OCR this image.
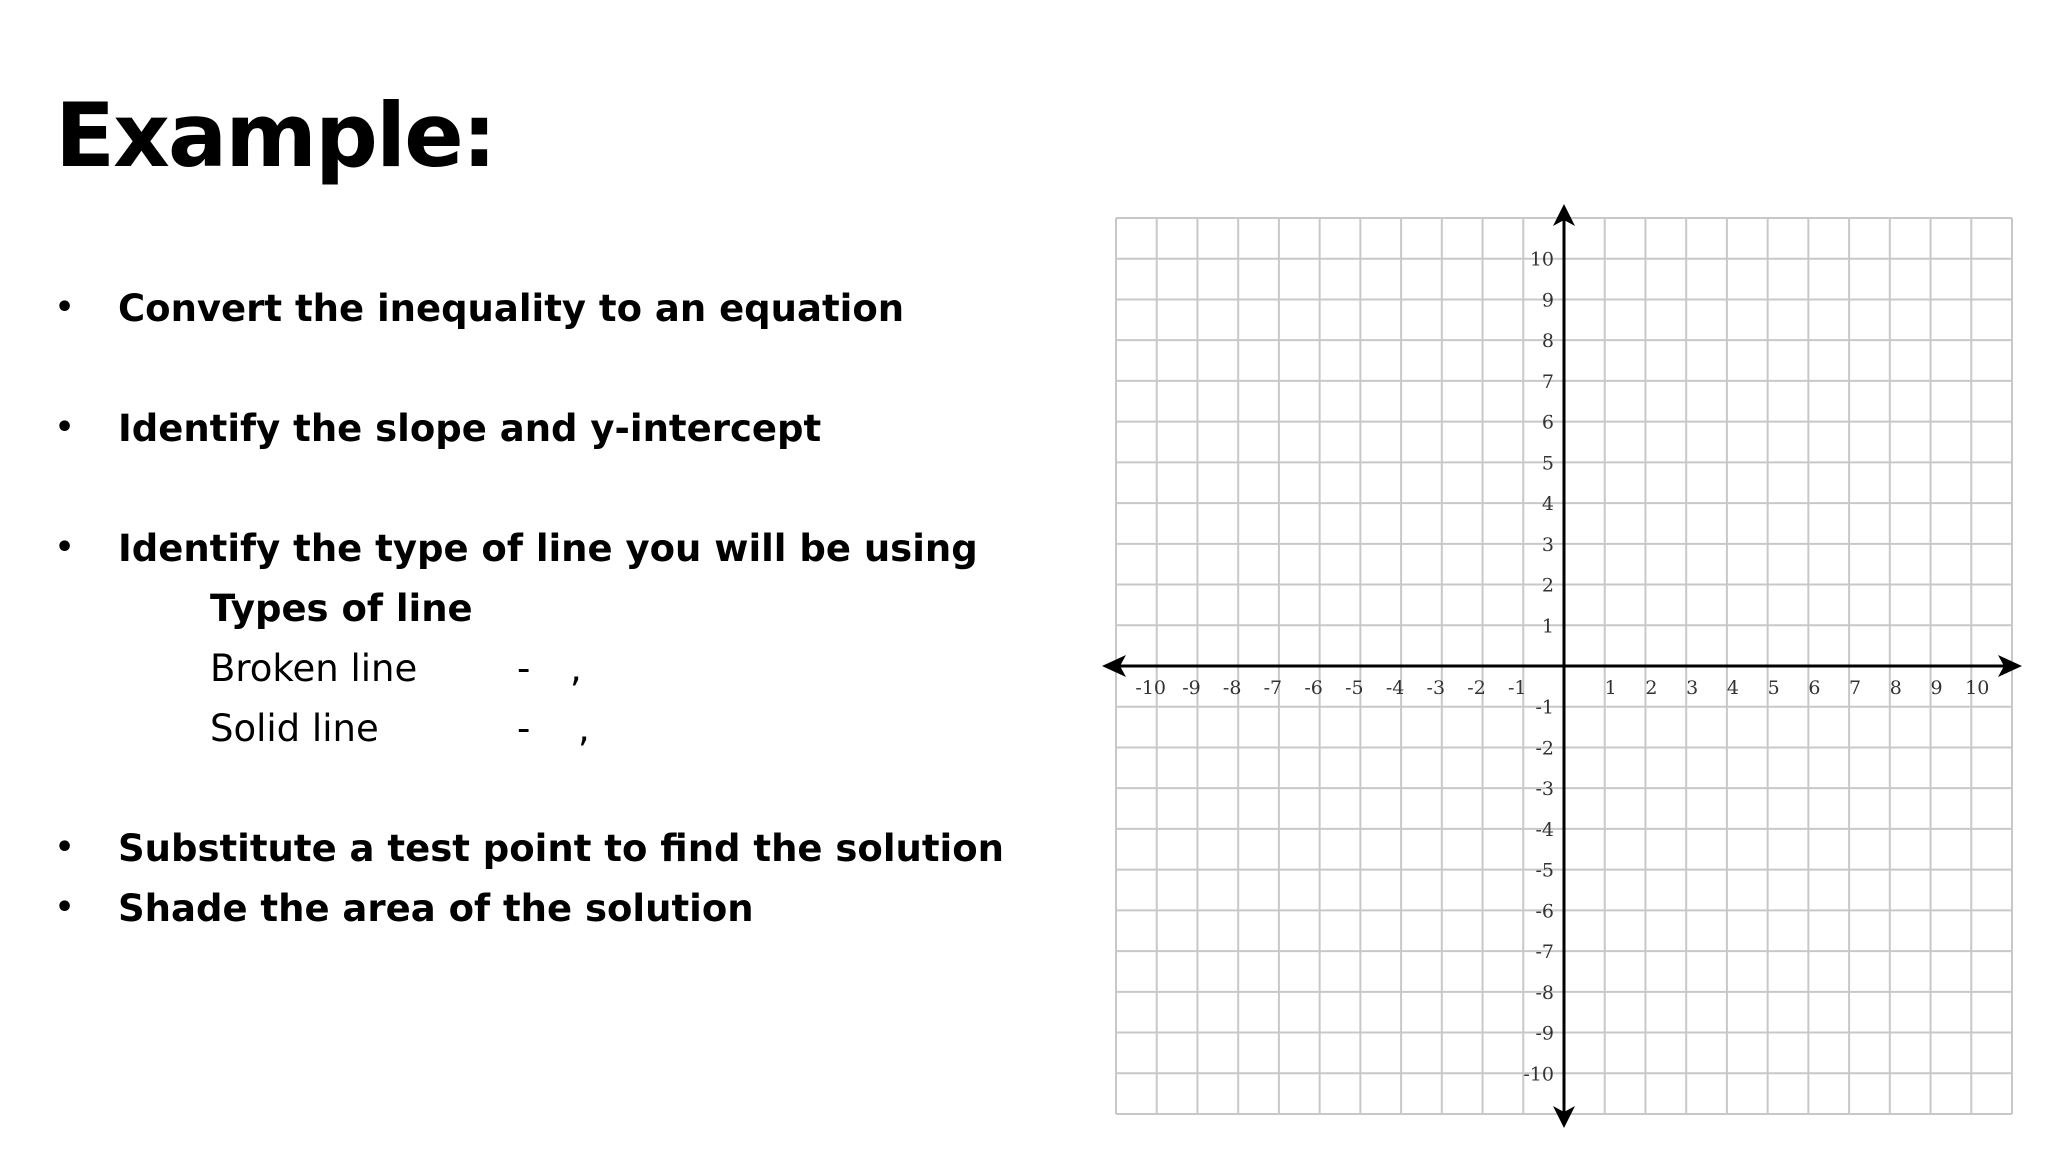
Example:
• Convert the inequality to an equation
• Identify the slope and y-intercept
• Identify the type of line you will be using
Types of line
Broken line	- ,
Solid line	- ,
• Substitute a test point to find the solution
• Shade the area of the solution
-10 -9 -8 -7 -6 -5 -4 -3 -2 -1	1 2 3 4 5 6 7 8 9 10
10
9
8
7
6
5
4
3
2
1
-1
-2
-3
-4
-5
-6
-7
-8
-9
-10
